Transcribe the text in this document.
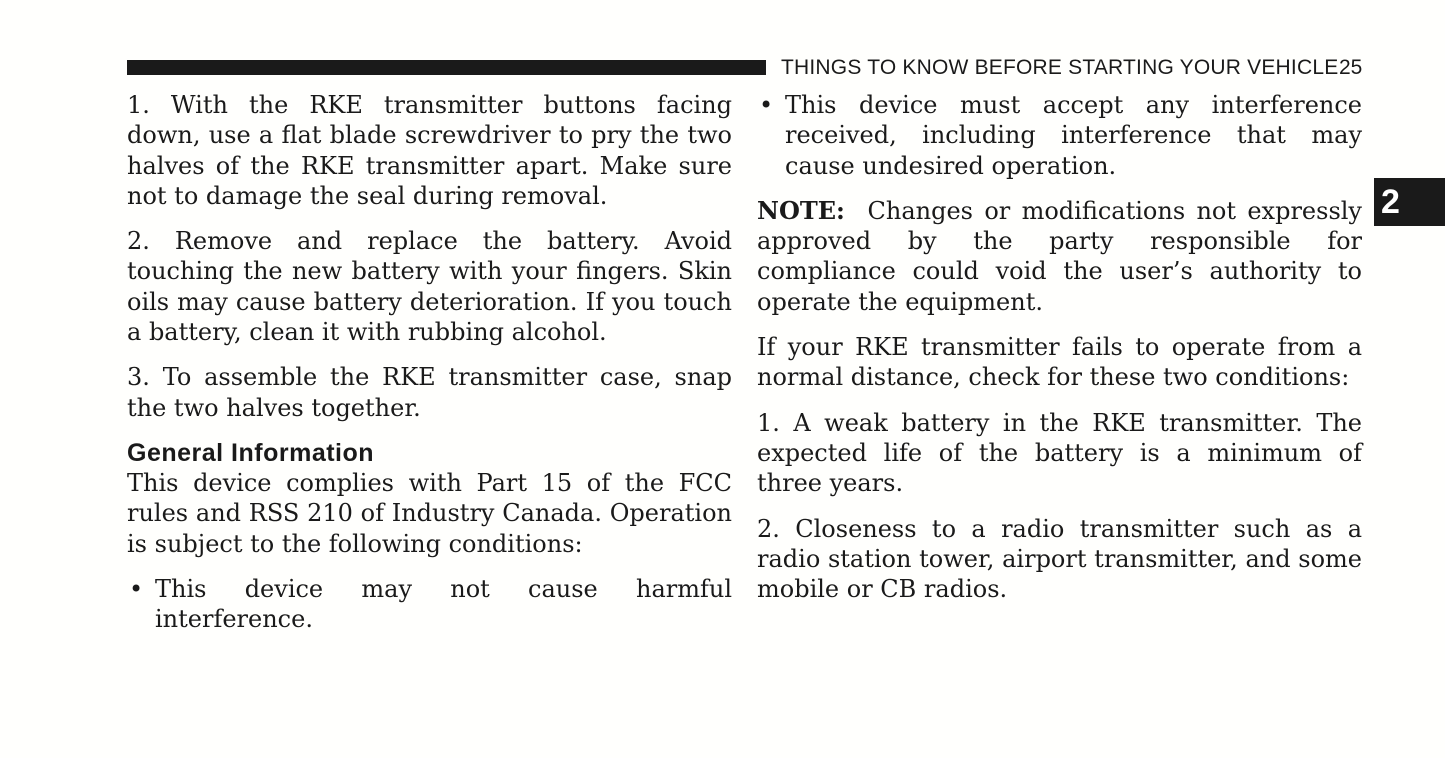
THINGS TO KNOW BEFORE STARTING YOUR VEHICLE 25
2

1. With the RKE transmitter buttons facing down, use a flat blade screwdriver to pry the two halves of the RKE transmitter apart. Make sure not to damage the seal during removal.

2. Remove and replace the battery. Avoid touching the new battery with your fingers. Skin oils may cause battery deterioration. If you touch a battery, clean it with rubbing alcohol.

3. To assemble the RKE transmitter case, snap the two halves together.

General Information

This device complies with Part 15 of the FCC rules and RSS 210 of Industry Canada. Operation is subject to the following conditions:

• This device may not cause harmful interference.
• This device must accept any interference received, including interference that may cause undesired operation.

NOTE: Changes or modifications not expressly approved by the party responsible for compliance could void the user’s authority to operate the equipment.

If your RKE transmitter fails to operate from a normal distance, check for these two conditions:

1. A weak battery in the RKE transmitter. The expected life of the battery is a minimum of three years.

2. Closeness to a radio transmitter such as a radio station tower, airport transmitter, and some mobile or CB radios.
